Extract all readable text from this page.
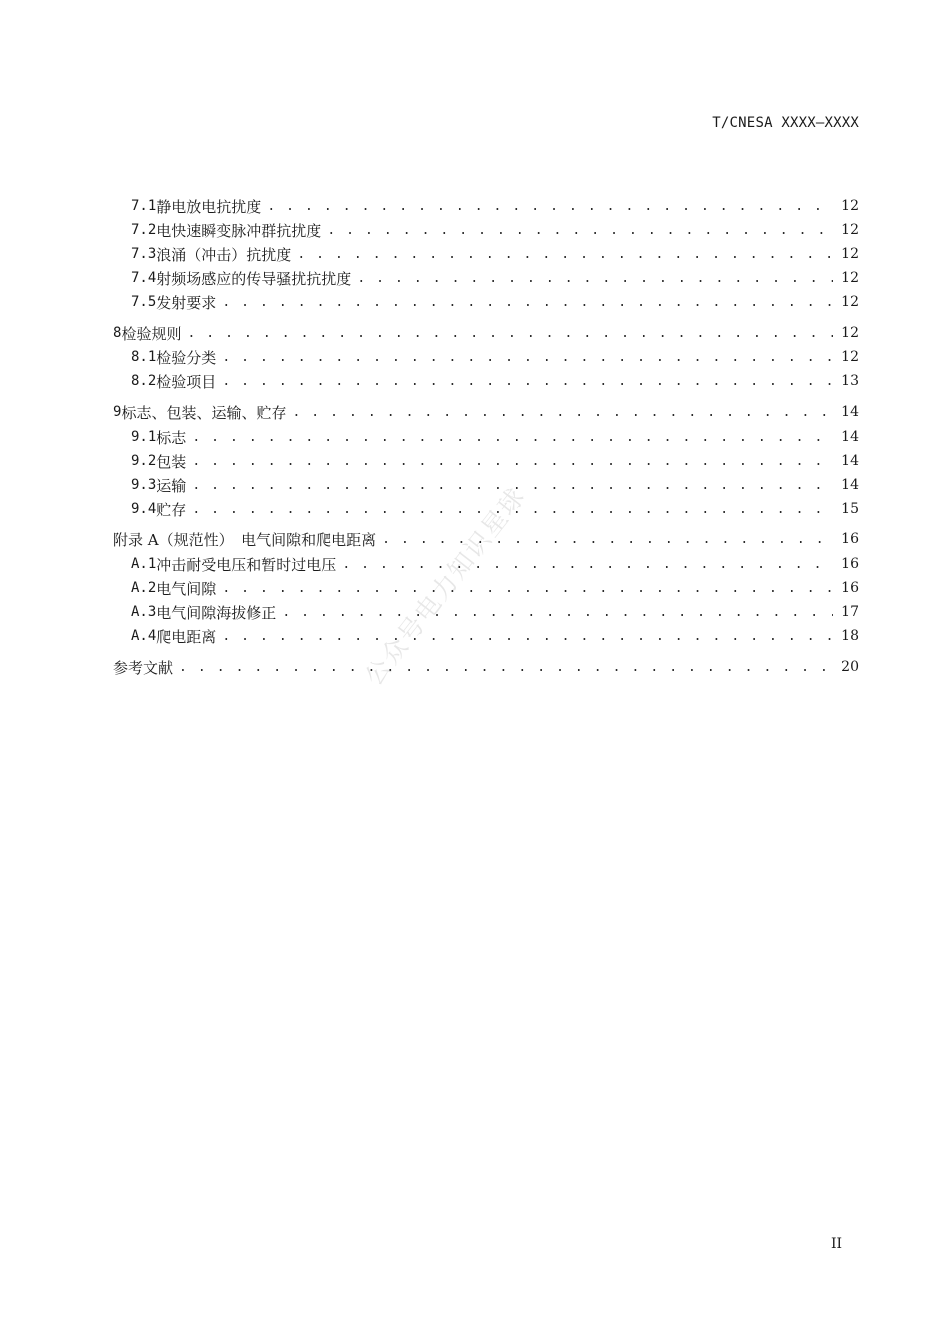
T/CNESA XXXX—XXXX
7.1 静电放电抗扰度 . . .	12
7.2 电快速瞬变脉冲群抗扰度 . . .	12
7.3 浪涌（冲击）抗扰度 . . .	12
7.4 射频场感应的传导骚扰抗扰度 . . .	12
7.5 发射要求 . . .	12
8 检验规则 . . .	12
8.1 检验分类 . . .	12
8.2 检验项目 . . .	13
9 标志、包装、运输、贮存 . . .	14
9.1 标志 . . .	14
9.2 包装 . . .	14
9.3 运输 . . .	14
9.4 贮存 . . .	15
附录 A（规范性）　电气间隙和爬电距离 . . .	16
A.1 冲击耐受电压和暂时过电压 . . .	16
A.2 电气间隙 . . .	16
A.3 电气间隙海拔修正 . . .	17
A.4 爬电距离 . . .	18
参考文献 . . .	20
公众号电力知识星球
II
